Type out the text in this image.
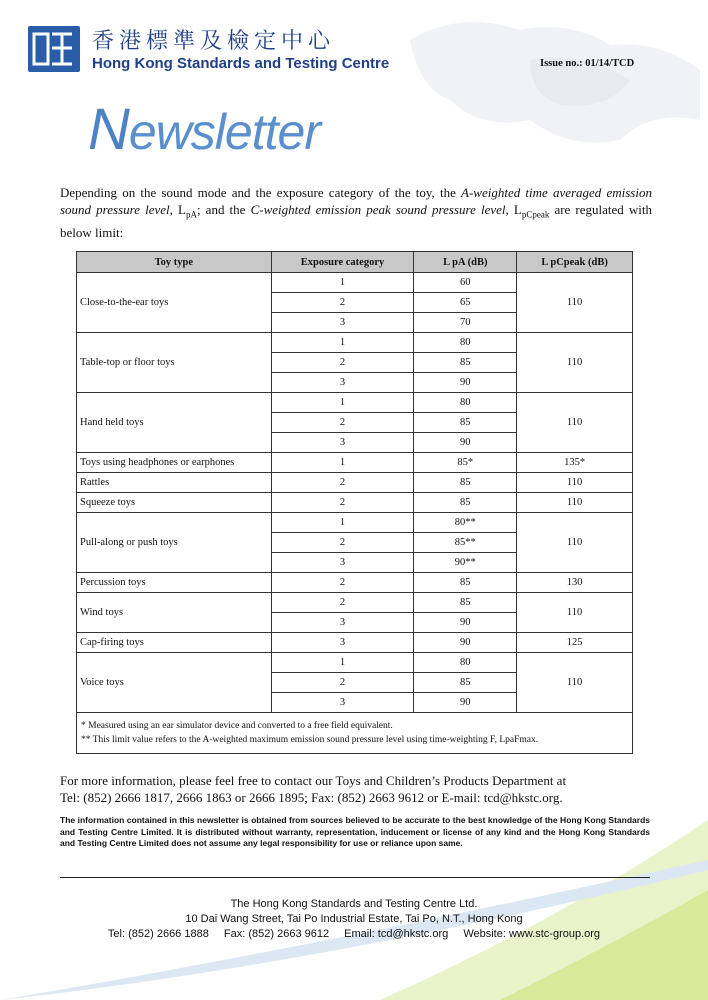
香港標準及檢定中心
Hong Kong Standards and Testing Centre	Issue no.: 01/14/TCD
Newsletter
Depending on the sound mode and the exposure category of the toy, the A-weighted time averaged emission sound pressure level, $L_{pA}$; and the C-weighted emission peak sound pressure level, $L_{pCpeak}$ are regulated with below limit:
Toy type	Exposure category	L pA (dB)	L pCpeak (dB)
Close-to-the-ear toys	1	60	110
	2	65	
	3	70	
Table-top or floor toys	1	80	110
	2	85	
	3	90	
Hand held toys	1	80	110
	2	85	
	3	90	
Toys using headphones or earphones	1	85*	135*
Rattles	2	85	110
Squeeze toys	2	85	110
Pull-along or push toys	1	80**	110
	2	85**	
	3	90**	
Percussion toys	2	85	130
Wind toys	2	85	110
	3	90	
Cap-firing toys	3	90	125
Voice toys	1	80	110
	2	85	
	3	90	

* Measured using an ear simulator device and converted to a free field equivalent.
** This limit value refers to the A-weighted maximum emission sound pressure level using time-weighting F, LpaFmax.			
For more information, please feel free to contact our Toys and Children’s Products Department at
Tel: (852) 2666 1817, 2666 1863 or 2666 1895; Fax: (852) 2663 9612 or E-mail: tcd@hkstc.org.
The information contained in this newsletter is obtained from sources believed to be accurate to the best knowledge of the Hong Kong Standards and Testing Centre Limited. It is distributed without warranty, representation, inducement or license of any kind and the Hong Kong Standards and Testing Centre Limited does not assume any legal responsibility for use or reliance upon same.
The Hong Kong Standards and Testing Centre Ltd.
10 Dai Wang Street, Tai Po Industrial Estate, Tai Po, N.T., Hong Kong
Tel: (852) 2666 1888 Fax: (852) 2663 9612 Email: tcd@hkstc.org Website: www.stc-group.org
